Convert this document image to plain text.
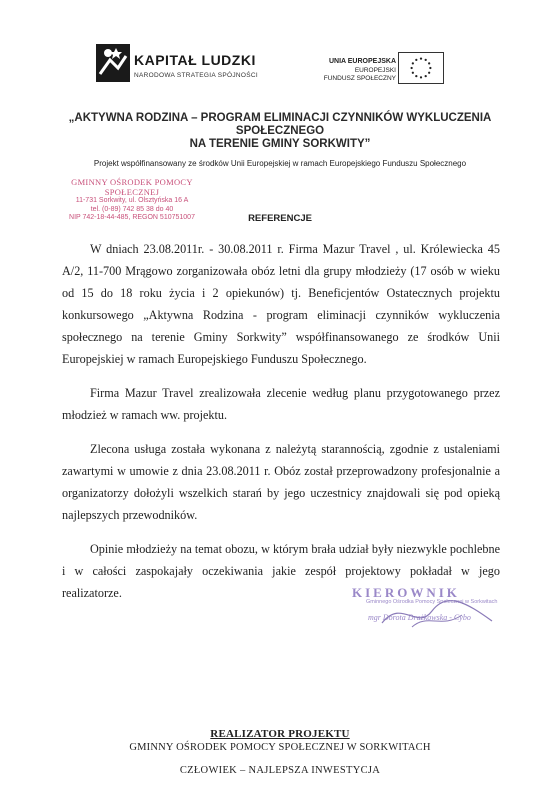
KAPITAŁ LUDZKI
NARODOWA STRATEGIA SPÓJNOŚCI
UNIA EUROPEJSKA
EUROPEJSKI
FUNDUSZ SPOŁECZNY
„AKTYWNA RODZINA – PROGRAM ELIMINACJI CZYNNIKÓW WYKLUCZENIA
SPOŁECZNEGO
NA TERENIE GMINY SORKWITY”
Projekt współfinansowany ze środków Unii Europejskiej w ramach Europejskiego Funduszu Społecznego
GMINNY OŚRODEK POMOCY SPOŁECZNEJ
11-731 Sorkwity, ul. Olsztyńska 16 A
tel. (0-89) 742 85 38 do 40
NIP 742-18-44-485, REGON 510751007	REFERENCJE

W dniach 23.08.2011r. - 30.08.2011 r. Firma Mazur Travel , ul. Królewiecka 45 A/2, 11-700 Mrągowo zorganizowała obóz letni dla grupy młodzieży (17 osób w wieku od 15 do 18 roku życia i 2 opiekunów) tj. Beneficjentów Ostatecznych projektu konkursowego „Aktywna Rodzina - program eliminacji czynników wykluczenia społecznego na terenie Gminy Sorkwity” współfinansowanego ze środków Unii Europejskiej w ramach Europejskiego Funduszu Społecznego.

Firma Mazur Travel zrealizowała zlecenie według planu przygotowanego przez młodzież w ramach ww. projektu.

Zlecona usługa została wykonana z należytą starannością, zgodnie z ustaleniami zawartymi w umowie z dnia 23.08.2011 r. Obóz został przeprowadzony profesjonalnie a organizatorzy dołożyli wszelkich starań by jego uczestnicy znajdowali się pod opieką najlepszych przewodników.

Opinie młodzieży na temat obozu, w którym brała udział były niezwykle pochlebne i w całości zaspokajały oczekiwania jakie zespół projektowy pokładał w jego realizatorze.	KIEROWNIK
Gminnego Ośrodka Pomocy Społecznej w Sorkwitach
mgr Dorota Drażkowska - Cybo
REALIZATOR PROJEKTU
GMINNY OŚRODEK POMOCY SPOŁECZNEJ W SORKWITACH
CZŁOWIEK – NAJLEPSZA INWESTYCJA
